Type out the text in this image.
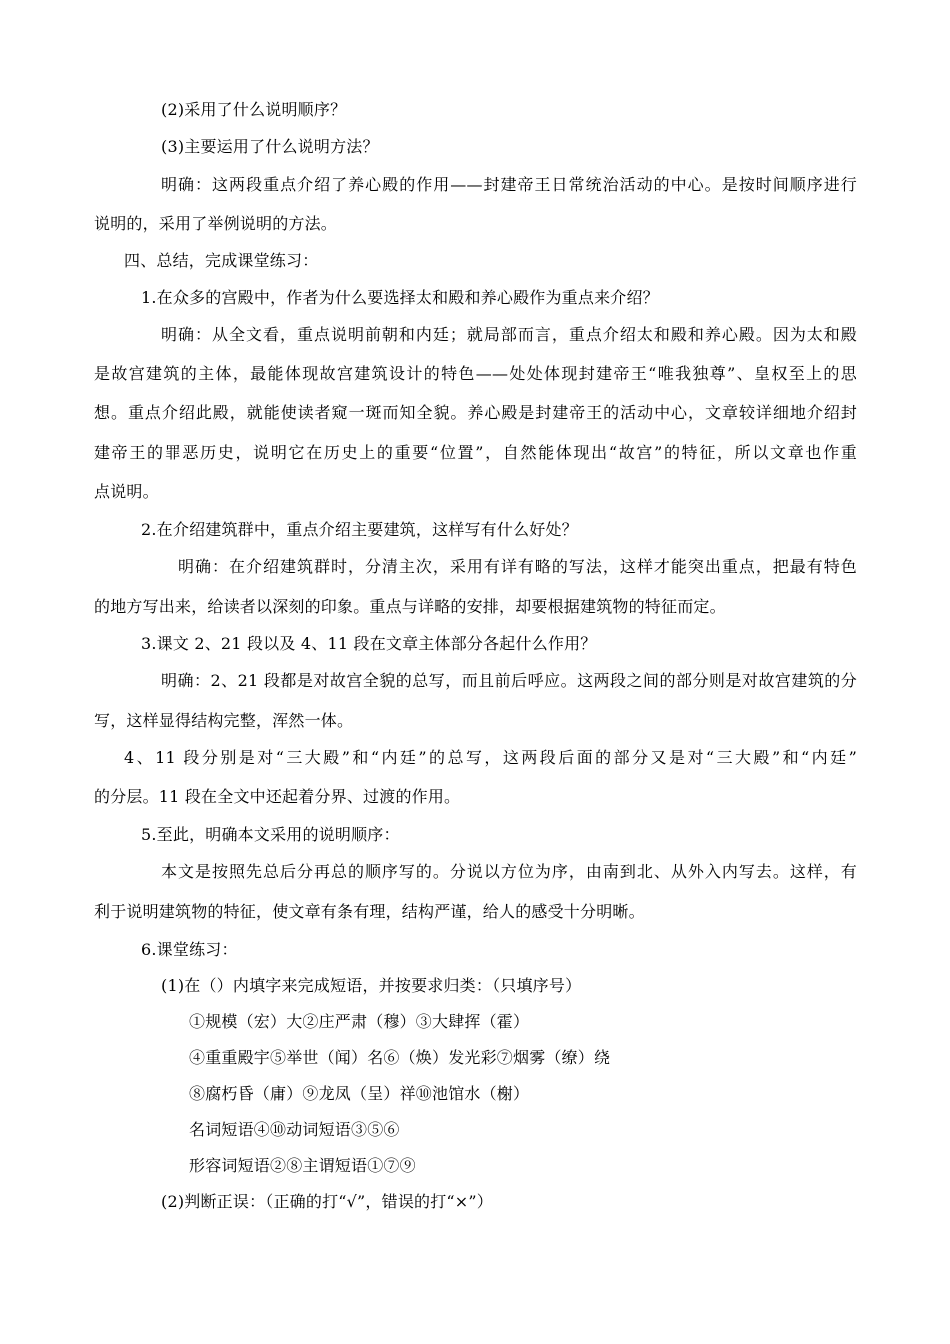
(2)采用了什么说明顺序？
(3)主要运用了什么说明方法？
明确：这两段重点介绍了养心殿的作用——封建帝王日常统治活动的中心。是按时间顺序进行
说明的，采用了举例说明的方法。
四、总结，完成课堂练习：
1.在众多的宫殿中，作者为什么要选择太和殿和养心殿作为重点来介绍？
明确：从全文看，重点说明前朝和内廷；就局部而言，重点介绍太和殿和养心殿。因为太和殿
是故宫建筑的主体，最能体现故宫建筑设计的特色——处处体现封建帝王“唯我独尊”、皇权至上的思
想。重点介绍此殿，就能使读者窥一斑而知全貌。养心殿是封建帝王的活动中心，文章较详细地介绍封
建帝王的罪恶历史，说明它在历史上的重要“位置”，自然能体现出“故宫”的特征，所以文章也作重
点说明。
2.在介绍建筑群中，重点介绍主要建筑，这样写有什么好处？
明确：在介绍建筑群时，分清主次，采用有详有略的写法，这样才能突出重点，把最有特色
的地方写出来，给读者以深刻的印象。重点与详略的安排，却要根据建筑物的特征而定。
3.课文 2、21 段以及 4、11 段在文章主体部分各起什么作用？
明确：2、21 段都是对故宫全貌的总写，而且前后呼应。这两段之间的部分则是对故宫建筑的分
写，这样显得结构完整，浑然一体。
4、11 段分别是对“三大殿”和“内廷”的总写，这两段后面的部分又是对“三大殿”和“内廷”
的分层。11 段在全文中还起着分界、过渡的作用。
5.至此，明确本文采用的说明顺序：
本文是按照先总后分再总的顺序写的。分说以方位为序，由南到北、从外入内写去。这样，有
利于说明建筑物的特征，使文章有条有理，结构严谨，给人的感受十分明晰。
6.课堂练习：
(1)在（）内填字来完成短语，并按要求归类：（只填序号）
①规模（宏）大②庄严肃（穆）③大肆挥（霍）
④重重殿宇⑤举世（闻）名⑥（焕）发光彩⑦烟雾（缭）绕
⑧腐朽昏（庸）⑨龙凤（呈）祥⑩池馆水（榭）
名词短语④⑩动词短语③⑤⑥
形容词短语②⑧主谓短语①⑦⑨
(2)判断正误：（正确的打“√”，错误的打“×”）
